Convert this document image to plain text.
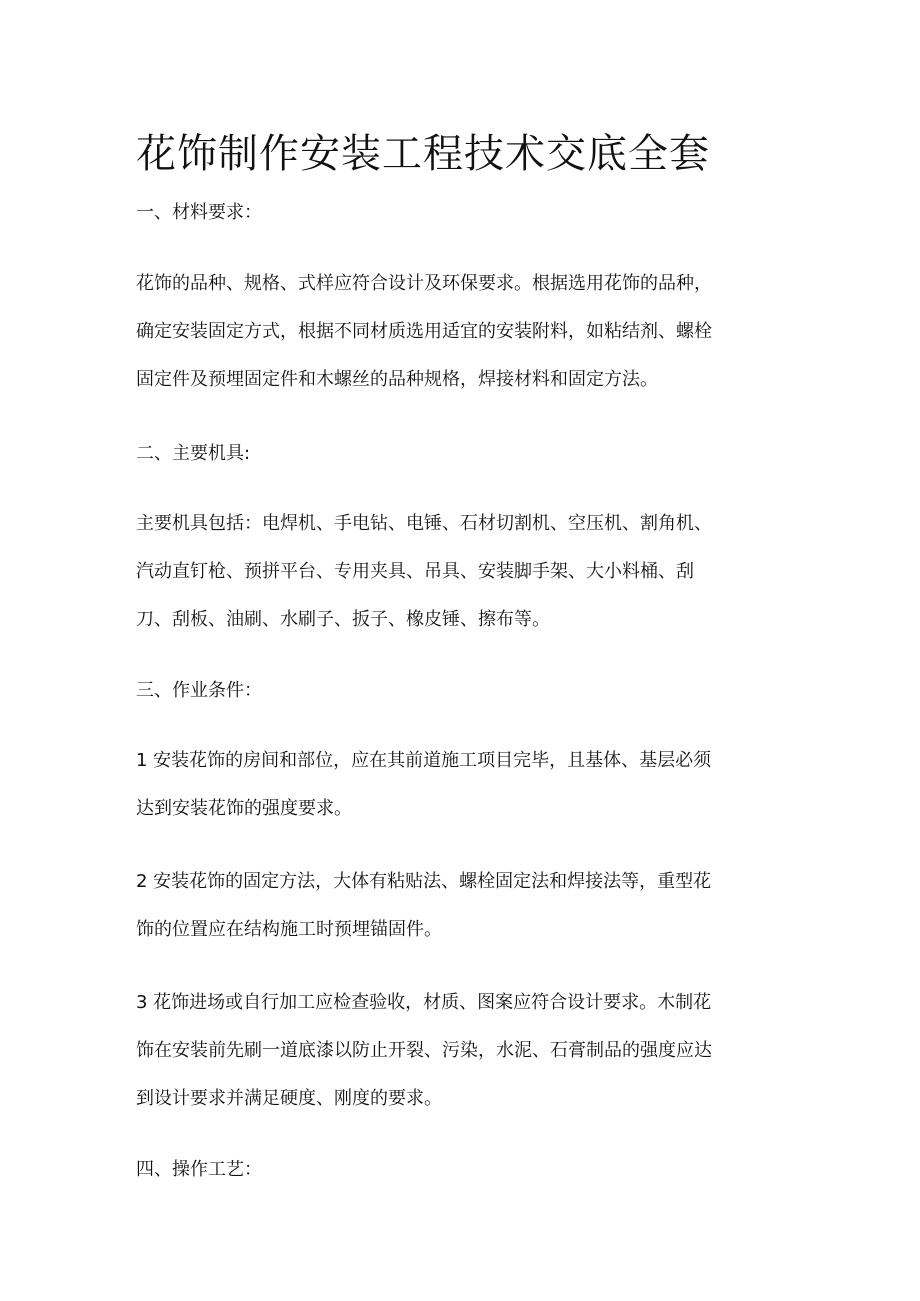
花饰制作安装工程技术交底全套
一、材料要求：
花饰的品种、规格、式样应符合设计及环保要求。根据选用花饰的品种，
确定安装固定方式，根据不同材质选用适宜的安装附料，如粘结剂、螺栓
固定件及预埋固定件和木螺丝的品种规格，焊接材料和固定方法。
二、主要机具:
主要机具包括：电焊机、手电钻、电锤、石材切割机、空压机、割角机、
汽动直钉枪、预拼平台、专用夹具、吊具、安装脚手架、大小料桶、刮
刀、刮板、油刷、水刷子、扳子、橡皮锤、擦布等。
三、作业条件：
1 安装花饰的房间和部位，应在其前道施工项目完毕，且基体、基层必须
达到安装花饰的强度要求。
2 安装花饰的固定方法，大体有粘贴法、螺栓固定法和焊接法等，重型花
饰的位置应在结构施工时预埋锚固件。
3 花饰进场或自行加工应检查验收，材质、图案应符合设计要求。木制花
饰在安装前先刷一道底漆以防止开裂、污染，水泥、石膏制品的强度应达
到设计要求并满足硬度、刚度的要求。
四、操作工艺：
